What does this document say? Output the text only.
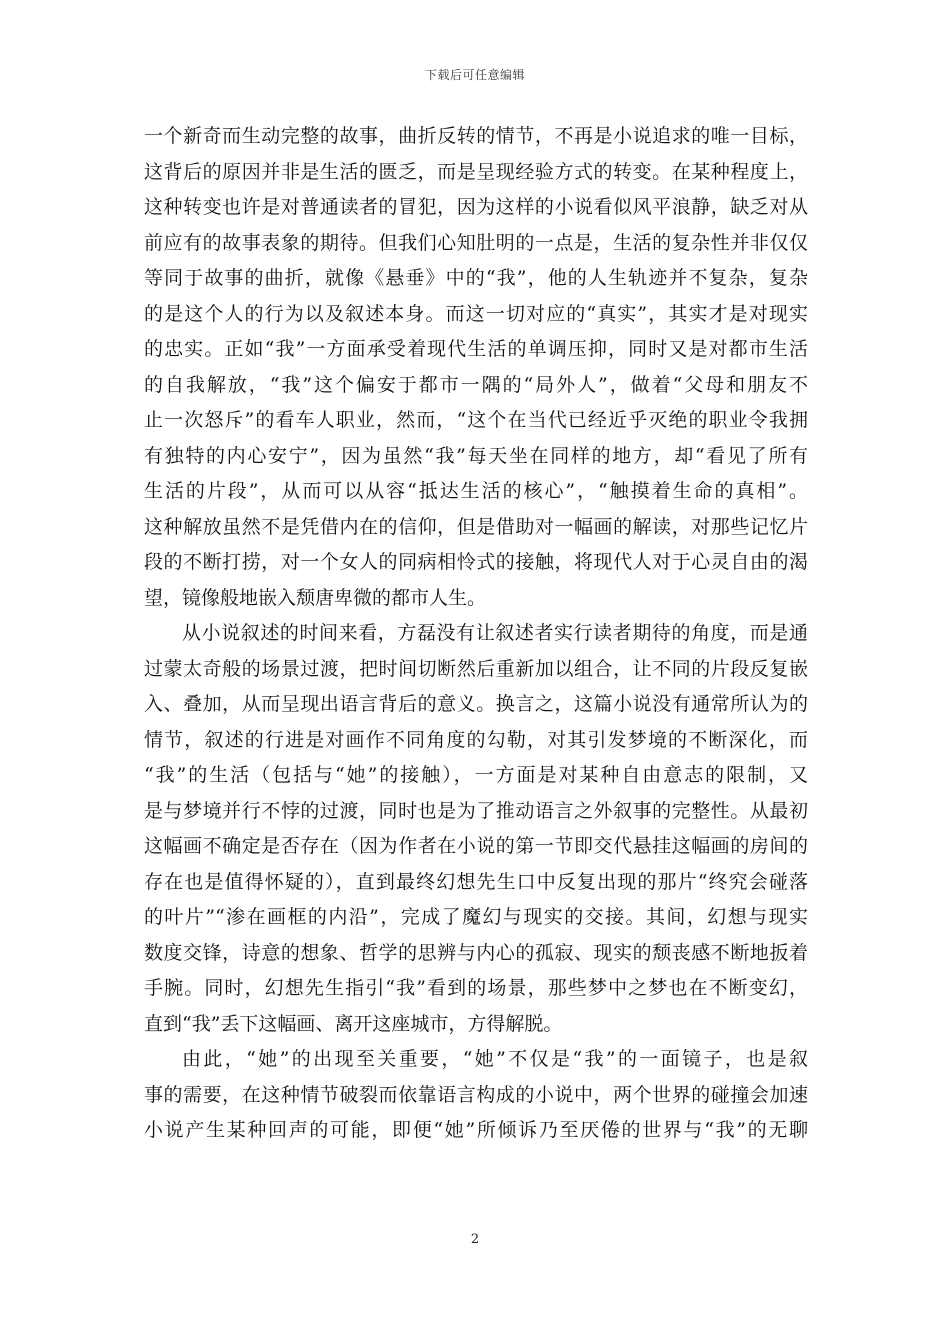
下载后可任意编辑
一个新奇而生动完整的故事，曲折反转的情节，不再是小说追求的唯一目标，
这背后的原因并非是生活的匮乏，而是呈现经验方式的转变。在某种程度上，
这种转变也许是对普通读者的冒犯，因为这样的小说看似风平浪静，缺乏对从
前应有的故事表象的期待。但我们心知肚明的一点是，生活的复杂性并非仅仅
等同于故事的曲折，就像《悬垂》中的“我”，他的人生轨迹并不复杂，复杂
的是这个人的行为以及叙述本身。而这一切对应的“真实”，其实才是对现实
的忠实。正如“我”一方面承受着现代生活的单调压抑，同时又是对都市生活
的自我解放，“我”这个偏安于都市一隅的“局外人”，做着“父母和朋友不
止一次怒斥”的看车人职业，然而，“这个在当代已经近乎灭绝的职业令我拥
有独特的内心安宁”，因为虽然“我”每天坐在同样的地方，却“看见了所有
生活的片段”，从而可以从容“抵达生活的核心”，“触摸着生命的真相”。
这种解放虽然不是凭借内在的信仰，但是借助对一幅画的解读，对那些记忆片
段的不断打捞，对一个女人的同病相怜式的接触，将现代人对于心灵自由的渴
望，镜像般地嵌入颓唐卑微的都市人生。
从小说叙述的时间来看，方磊没有让叙述者实行读者期待的角度，而是通
过蒙太奇般的场景过渡，把时间切断然后重新加以组合，让不同的片段反复嵌
入、叠加，从而呈现出语言背后的意义。换言之，这篇小说没有通常所认为的
情节，叙述的行进是对画作不同角度的勾勒，对其引发梦境的不断深化，而
“我”的生活（包括与“她”的接触），一方面是对某种自由意志的限制，又
是与梦境并行不悖的过渡，同时也是为了推动语言之外叙事的完整性。从最初
这幅画不确定是否存在（因为作者在小说的第一节即交代悬挂这幅画的房间的
存在也是值得怀疑的），直到最终幻想先生口中反复出现的那片“终究会碰落
的叶片”“渗在画框的内沿”，完成了魔幻与现实的交接。其间，幻想与现实
数度交锋，诗意的想象、哲学的思辨与内心的孤寂、现实的颓丧感不断地扳着
手腕。同时，幻想先生指引“我”看到的场景，那些梦中之梦也在不断变幻，
直到“我”丢下这幅画、离开这座城市，方得解脱。
由此，“她”的出现至关重要，“她”不仅是“我”的一面镜子，也是叙
事的需要，在这种情节破裂而依靠语言构成的小说中，两个世界的碰撞会加速
小说产生某种回声的可能，即便“她”所倾诉乃至厌倦的世界与“我”的无聊
2
